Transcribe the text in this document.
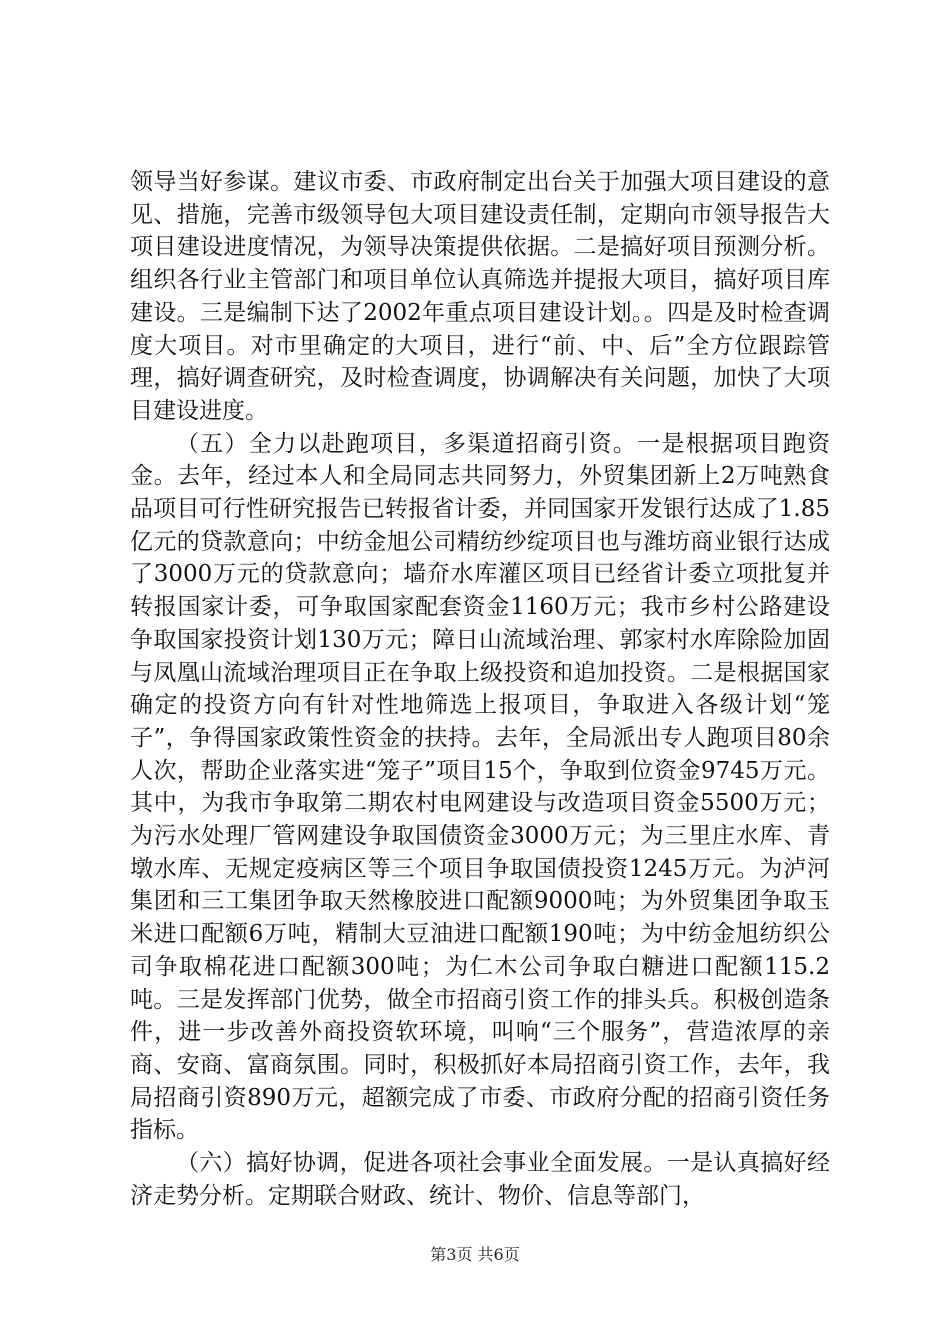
领导当好参谋。建议市委、市政府制定出台关于加强大项目建设的意见、措施，完善市级领导包大项目建设责任制，定期向市领导报告大项目建设进度情况，为领导决策提供依据。二是搞好项目预测分析。组织各行业主管部门和项目单位认真筛选并提报大项目，搞好项目库建设。三是编制下达了2002年重点项目建设计划。。四是及时检查调度大项目。对市里确定的大项目，进行“前、中、后”全方位跟踪管理，搞好调查研究，及时检查调度，协调解决有关问题，加快了大项目建设进度。

（五）全力以赴跑项目，多渠道招商引资。一是根据项目跑资金。去年，经过本人和全局同志共同努力，外贸集团新上2万吨熟食品项目可行性研究报告已转报省计委，并同国家开发银行达成了1.85亿元的贷款意向；中纺金旭公司精纺纱绽项目也与潍坊商业银行达成了3000万元的贷款意向；墙夼水库灌区项目已经省计委立项批复并转报国家计委，可争取国家配套资金1160万元；我市乡村公路建设争取国家投资计划130万元；障日山流域治理、郭家村水库除险加固与凤凰山流域治理项目正在争取上级投资和追加投资。二是根据国家确定的投资方向有针对性地筛选上报项目，争取进入各级计划“笼子”，争得国家政策性资金的扶持。去年，全局派出专人跑项目80余人次，帮助企业落实进“笼子”项目15个，争取到位资金9745万元。其中，为我市争取第二期农村电网建设与改造项目资金5500万元；为污水处理厂管网建设争取国债资金3000万元；为三里庄水库、青墩水库、无规定疫病区等三个项目争取国债投资1245万元。为泸河集团和三工集团争取天然橡胶进口配额9000吨；为外贸集团争取玉米进口配额6万吨，精制大豆油进口配额190吨；为中纺金旭纺织公司争取棉花进口配额300吨；为仁木公司争取白糖进口配额115.2吨。三是发挥部门优势，做全市招商引资工作的排头兵。积极创造条件，进一步改善外商投资软环境，叫响“三个服务”，营造浓厚的亲商、安商、富商氛围。同时，积极抓好本局招商引资工作，去年，我局招商引资890万元，超额完成了市委、市政府分配的招商引资任务指标。

（六）搞好协调，促进各项社会事业全面发展。一是认真搞好经济走势分析。定期联合财政、统计、物价、信息等部门，

第3页 共6页
